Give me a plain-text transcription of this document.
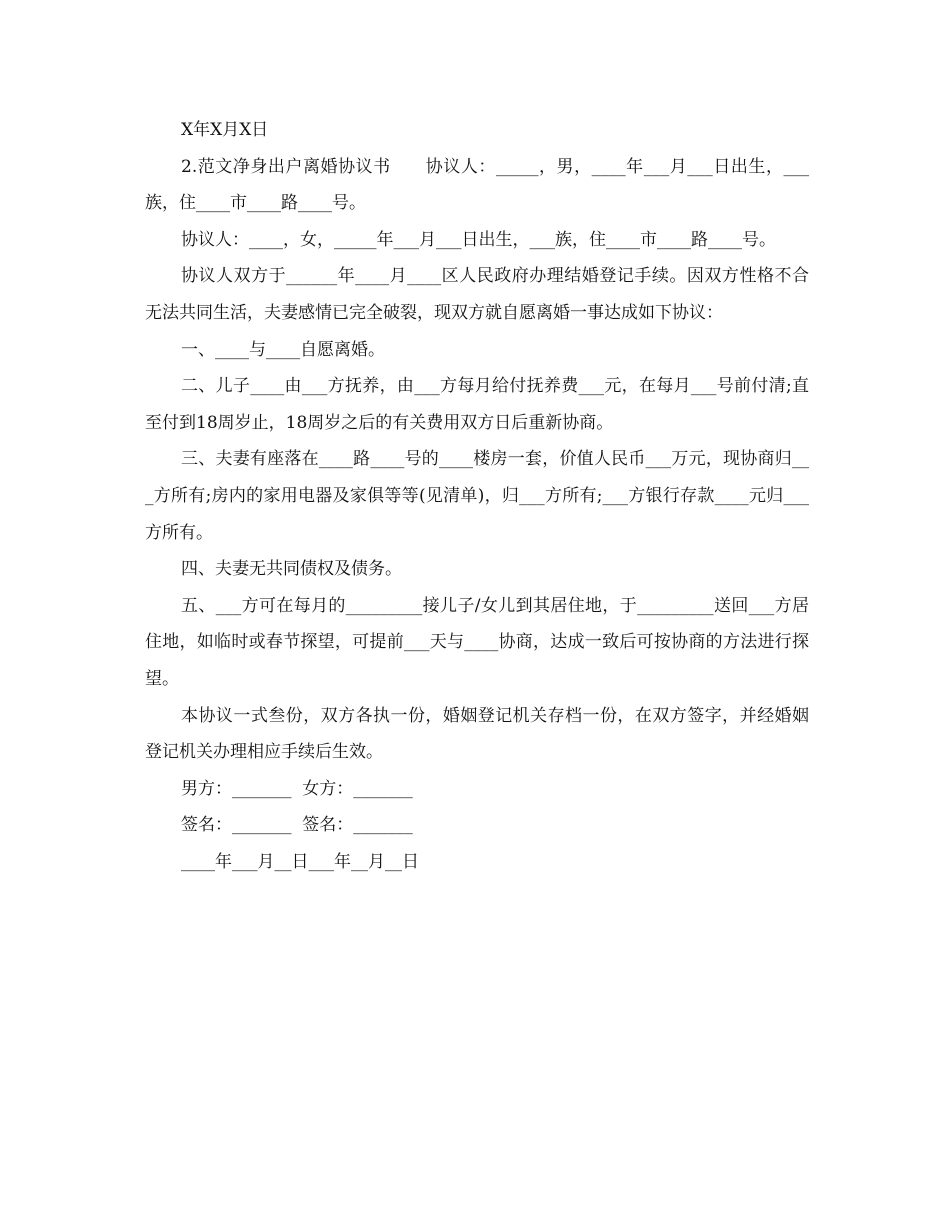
X年X月X日

2.范文净身出户离婚协议书　　协议人：_____，男，____年___月___日出生，___族，住____市____路____号。

协议人：____，女，_____年___月___日出生，___族，住____市____路____号。

协议人双方于______年____月____区人民政府办理结婚登记手续。因双方性格不合无法共同生活，夫妻感情已完全破裂，现双方就自愿离婚一事达成如下协议：

一、____与____自愿离婚。

二、儿子____由___方抚养，由___方每月给付抚养费___元，在每月___号前付清;直至付到18周岁止，18周岁之后的有关费用双方日后重新协商。

三、夫妻有座落在____路____号的____楼房一套，价值人民币___万元，现协商归___方所有;房内的家用电器及家俱等等(见清单)，归___方所有;___方银行存款____元归___方所有。

四、夫妻无共同债权及债务。

五、___方可在每月的_________接儿子/女儿到其居住地，于_________送回___方居住地，如临时或春节探望，可提前___天与____协商，达成一致后可按协商的方法进行探望。

本协议一式叁份，双方各执一份，婚姻登记机关存档一份，在双方签字，并经婚姻登记机关办理相应手续后生效。

男方：_______  女方：_______

签名：_______  签名：_______

____年___月__日___年__月__日
